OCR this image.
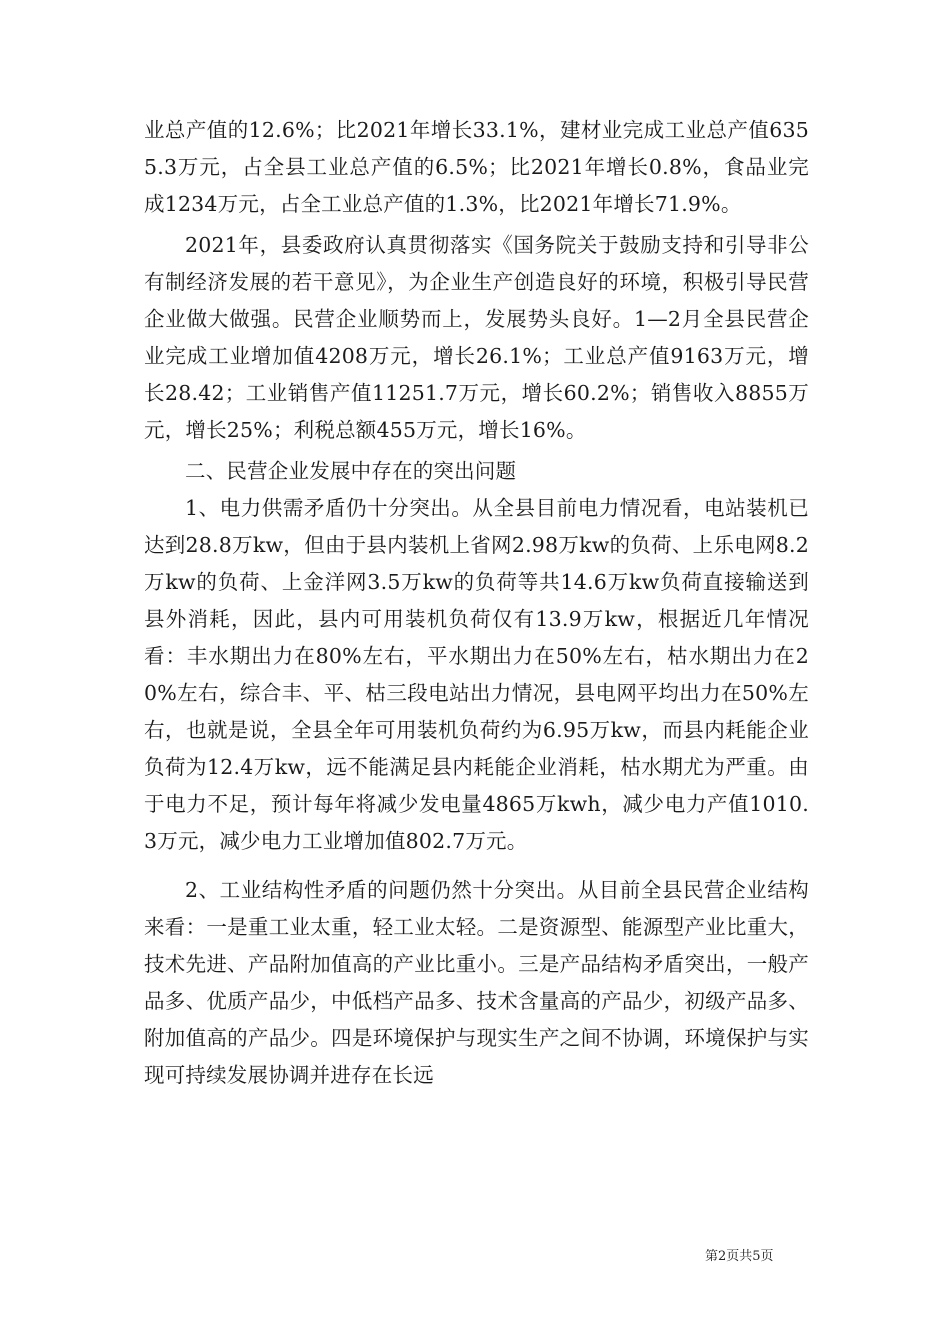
业总产值的12.6%；比2021年增长33.1%，建材业完成工业总产值6355.3万元，占全县工业总产值的6.5%；比2021年增长0.8%，食品业完成1234万元，占全工业总产值的1.3%，比2021年增长71.9%。

2021年，县委政府认真贯彻落实《国务院关于鼓励支持和引导非公有制经济发展的若干意见》，为企业生产创造良好的环境，积极引导民营企业做大做强。民营企业顺势而上，发展势头良好。1—2月全县民营企业完成工业增加值4208万元，增长26.1%；工业总产值9163万元，增长28.42；工业销售产值11251.7万元，增长60.2%；销售收入8855万元，增长25%；利税总额455万元，增长16%。

二、民营企业发展中存在的突出问题

1、电力供需矛盾仍十分突出。从全县目前电力情况看，电站装机已达到28.8万kw，但由于县内装机上省网2.98万kw的负荷、上乐电网8.2万kw的负荷、上金洋网3.5万kw的负荷等共14.6万kw负荷直接输送到县外消耗，因此，县内可用装机负荷仅有13.9万kw，根据近几年情况看：丰水期出力在80%左右，平水期出力在50%左右，枯水期出力在20%左右，综合丰、平、枯三段电站出力情况，县电网平均出力在50%左右，也就是说，全县全年可用装机负荷约为6.95万kw，而县内耗能企业负荷为12.4万kw，远不能满足县内耗能企业消耗，枯水期尤为严重。由于电力不足，预计每年将减少发电量4865万kwh，减少电力产值1010.3万元，减少电力工业增加值802.7万元。

2、工业结构性矛盾的问题仍然十分突出。从目前全县民营企业结构来看：一是重工业太重，轻工业太轻。二是资源型、能源型产业比重大，技术先进、产品附加值高的产业比重小。三是产品结构矛盾突出，一般产品多、优质产品少，中低档产品多、技术含量高的产品少，初级产品多、附加值高的产品少。四是环境保护与现实生产之间不协调，环境保护与实现可持续发展协调并进存在长远

第2页共5页
